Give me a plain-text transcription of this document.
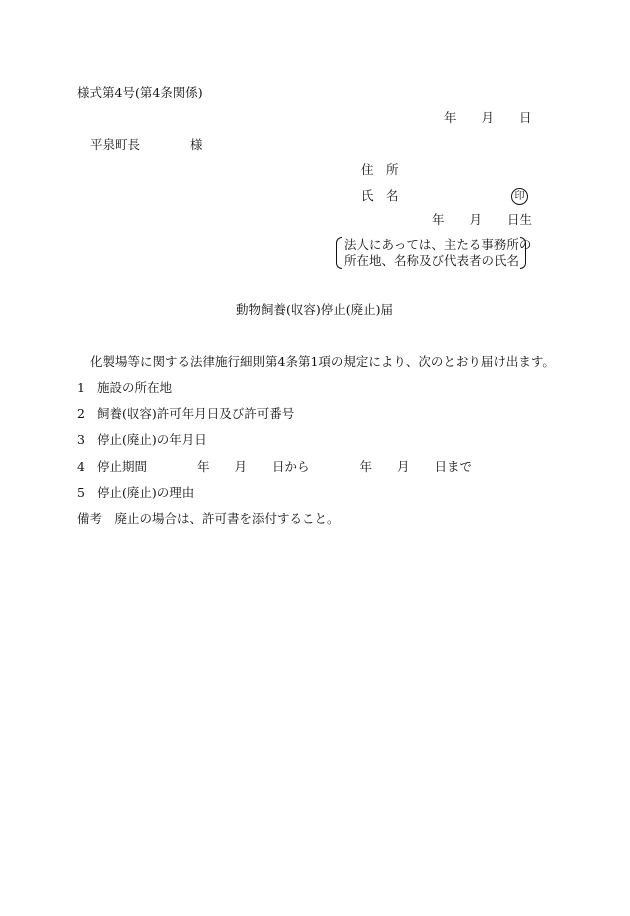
様式第4号(第4条関係)
年　　月　　日
平泉町長　　　　様
住　所
氏　名	印
年　　月　　日生
法人にあっては、主たる事務所の
所在地、名称及び代表者の氏名
動物飼養(収容)停止(廃止)届
化製場等に関する法律施行細則第4条第1項の規定により、次のとおり届け出ます。
1 施設の所在地
2 飼養(収容)許可年月日及び許可番号
3 停止(廃止)の年月日
4 停止期間　　　　年　　月　　日から　　　　年　　月　　日まで
5 停止(廃止)の理由
備考　廃止の場合は、許可書を添付すること。
